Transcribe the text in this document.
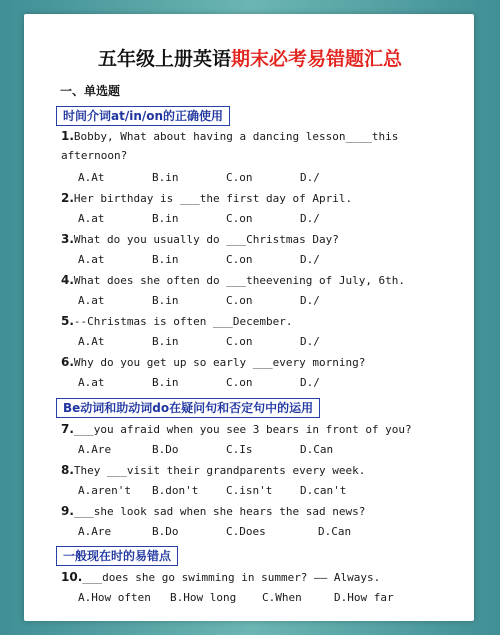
五年级上册英语期末必考易错题汇总
一、单选题
时间介词at/in/on的正确使用
1.Bobby, What about having a dancing lesson____this
afternoon?
A.At	B.in	C.on	D./
2.Her birthday is ___the first day of April.
A.at	B.in	C.on	D./
3.What do you usually do ___Christmas Day?
A.at	B.in	C.on	D./
4.What does she often do ___theevening of July, 6th.
A.at	B.in	C.on	D./
5.--Christmas is often ___December.
A.At	B.in	C.on	D./
6.Why do you get up so early ___every morning?
A.at	B.in	C.on	D./
Be动词和助动词do在疑问句和否定句中的运用
7.___you afraid when you see 3 bears in front of you?
A.Are	B.Do	C.Is	D.Can
8.They ___visit their grandparents every week.
A.aren't B.don't	C.isn't	D.can't
9.___she look sad when she hears the sad news?
A.Are	B.Do	C.Does	D.Can
一般现在时的易错点
10.___does she go swimming in summer? —— Always.
A.How often B.How long C.When	D.How far
